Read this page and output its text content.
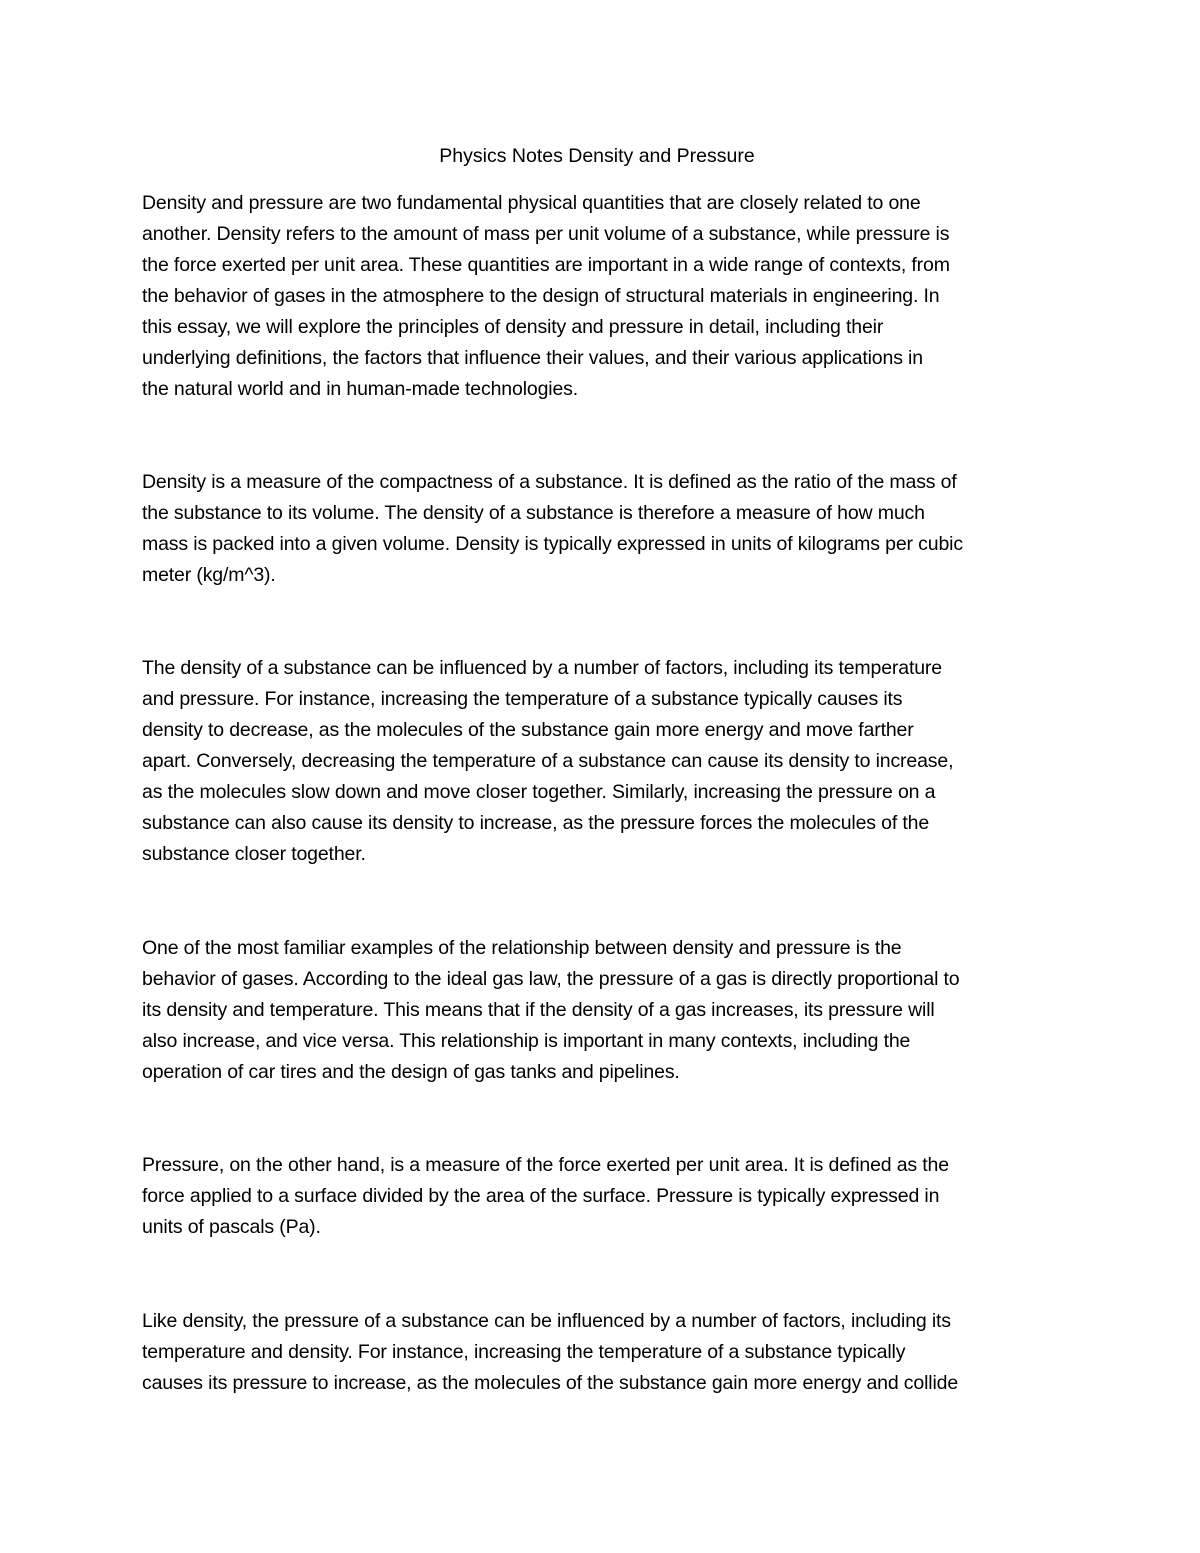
Physics Notes Density and Pressure

Density and pressure are two fundamental physical quantities that are closely related to one
another. Density refers to the amount of mass per unit volume of a substance, while pressure is
the force exerted per unit area. These quantities are important in a wide range of contexts, from
the behavior of gases in the atmosphere to the design of structural materials in engineering. In
this essay, we will explore the principles of density and pressure in detail, including their
underlying definitions, the factors that influence their values, and their various applications in
the natural world and in human-made technologies.

Density is a measure of the compactness of a substance. It is defined as the ratio of the mass of
the substance to its volume. The density of a substance is therefore a measure of how much
mass is packed into a given volume. Density is typically expressed in units of kilograms per cubic
meter (kg/m^3).

The density of a substance can be influenced by a number of factors, including its temperature
and pressure. For instance, increasing the temperature of a substance typically causes its
density to decrease, as the molecules of the substance gain more energy and move farther
apart. Conversely, decreasing the temperature of a substance can cause its density to increase,
as the molecules slow down and move closer together. Similarly, increasing the pressure on a
substance can also cause its density to increase, as the pressure forces the molecules of the
substance closer together.

One of the most familiar examples of the relationship between density and pressure is the
behavior of gases. According to the ideal gas law, the pressure of a gas is directly proportional to
its density and temperature. This means that if the density of a gas increases, its pressure will
also increase, and vice versa. This relationship is important in many contexts, including the
operation of car tires and the design of gas tanks and pipelines.

Pressure, on the other hand, is a measure of the force exerted per unit area. It is defined as the
force applied to a surface divided by the area of the surface. Pressure is typically expressed in
units of pascals (Pa).

Like density, the pressure of a substance can be influenced by a number of factors, including its
temperature and density. For instance, increasing the temperature of a substance typically
causes its pressure to increase, as the molecules of the substance gain more energy and collide
